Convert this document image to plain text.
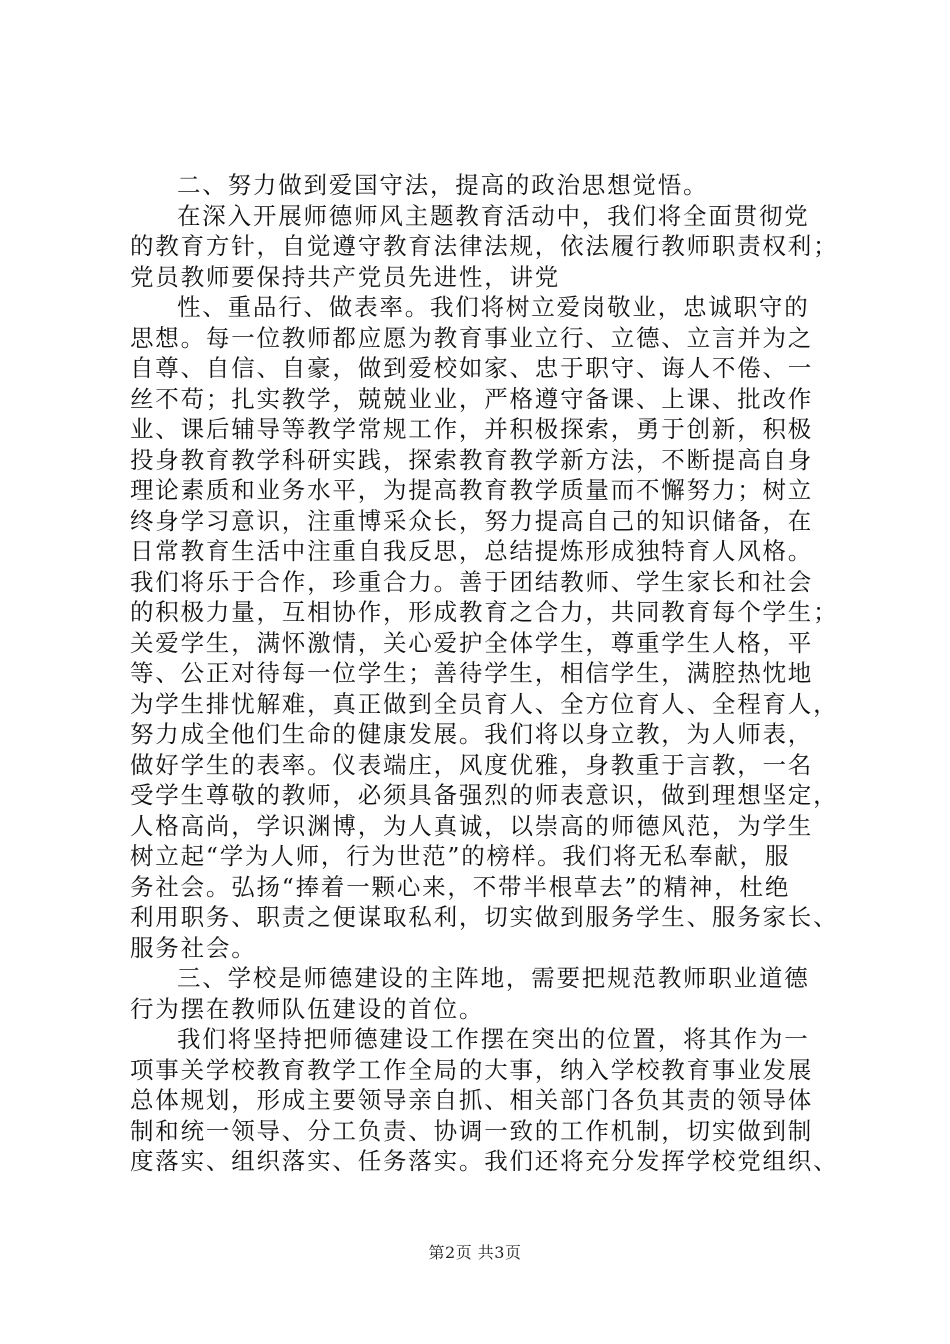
二、努力做到爱国守法，提高的政治思想觉悟。
在深入开展师德师风主题教育活动中，我们将全面贯彻党
的教育方针，自觉遵守教育法律法规，依法履行教师职责权利；
党员教师要保持共产党员先进性，讲党
性、重品行、做表率。我们将树立爱岗敬业，忠诚职守的
思想。每一位教师都应愿为教育事业立行、立德、立言并为之
自尊、自信、自豪，做到爱校如家、忠于职守、诲人不倦、一
丝不苟；扎实教学，兢兢业业，严格遵守备课、上课、批改作
业、课后辅导等教学常规工作，并积极探索，勇于创新，积极
投身教育教学科研实践，探索教育教学新方法，不断提高自身
理论素质和业务水平，为提高教育教学质量而不懈努力；树立
终身学习意识，注重博采众长，努力提高自己的知识储备，在
日常教育生活中注重自我反思，总结提炼形成独特育人风格。
我们将乐于合作，珍重合力。善于团结教师、学生家长和社会
的积极力量，互相协作，形成教育之合力，共同教育每个学生；
关爱学生，满怀激情，关心爱护全体学生，尊重学生人格，平
等、公正对待每一位学生；善待学生，相信学生，满腔热忱地
为学生排忧解难，真正做到全员育人、全方位育人、全程育人，
努力成全他们生命的健康发展。我们将以身立教，为人师表，
做好学生的表率。仪表端庄，风度优雅，身教重于言教，一名
受学生尊敬的教师，必须具备强烈的师表意识，做到理想坚定，
人格高尚，学识渊博，为人真诚，以崇高的师德风范，为学生
树立起“学为人师，行为世范”的榜样。我们将无私奉献，服
务社会。弘扬“捧着一颗心来，不带半根草去”的精神，杜绝
利用职务、职责之便谋取私利，切实做到服务学生、服务家长、
服务社会。
三、学校是师德建设的主阵地，需要把规范教师职业道德
行为摆在教师队伍建设的首位。
我们将坚持把师德建设工作摆在突出的位置，将其作为一
项事关学校教育教学工作全局的大事，纳入学校教育事业发展
总体规划，形成主要领导亲自抓、相关部门各负其责的领导体
制和统一领导、分工负责、协调一致的工作机制，切实做到制
度落实、组织落实、任务落实。我们还将充分发挥学校党组织、
第2页 共3页
